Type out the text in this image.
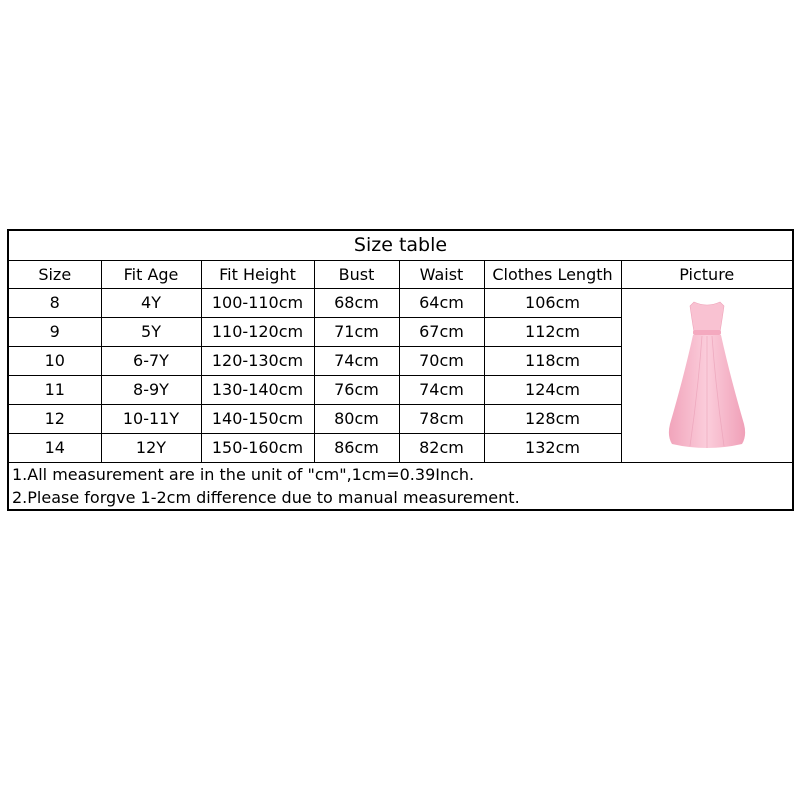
Size table						
Size	Fit Age	Fit Height	Bust	Waist	Clothes Length	Picture
8	4Y	100-110cm	68cm	64cm	106cm	

9	5Y	110-120cm	71cm	67cm	112cm	
10	6-7Y	120-130cm	74cm	70cm	118cm	
11	8-9Y	130-140cm	76cm	74cm	124cm	
12	10-11Y	140-150cm	80cm	78cm	128cm	
14	12Y	150-160cm	86cm	82cm	132cm	
1.All measurement are in the unit of "cm",1cm=0.39Inch.						
2.Please forgve 1-2cm difference due to manual measurement.						
